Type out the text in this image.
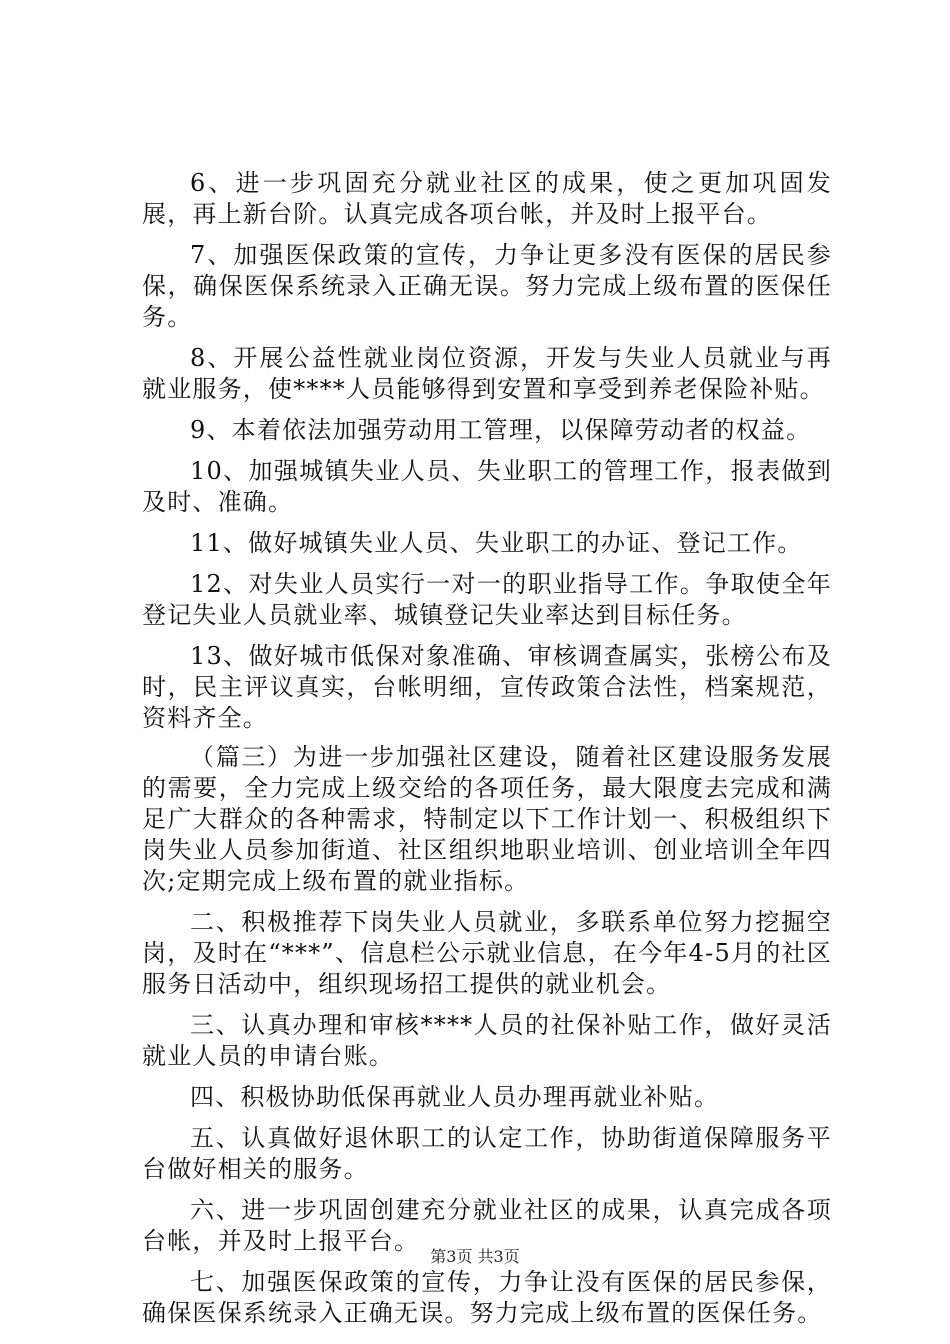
6、进一步巩固充分就业社区的成果，使之更加巩固发展，再上新台阶。认真完成各项台帐，并及时上报平台。

7、加强医保政策的宣传，力争让更多没有医保的居民参保，确保医保系统录入正确无误。努力完成上级布置的医保任务。

8、开展公益性就业岗位资源，开发与失业人员就业与再就业服务，使****人员能够得到安置和享受到养老保险补贴。

9、本着依法加强劳动用工管理，以保障劳动者的权益。

10、加强城镇失业人员、失业职工的管理工作，报表做到及时、准确。

11、做好城镇失业人员、失业职工的办证、登记工作。

12、对失业人员实行一对一的职业指导工作。争取使全年登记失业人员就业率、城镇登记失业率达到目标任务。

13、做好城市低保对象准确、审核调查属实，张榜公布及时，民主评议真实，台帐明细，宣传政策合法性，档案规范，资料齐全。

（篇三）为进一步加强社区建设，随着社区建设服务发展的需要，全力完成上级交给的各项任务，最大限度去完成和满足广大群众的各种需求，特制定以下工作计划一、积极组织下岗失业人员参加街道、社区组织地职业培训、创业培训全年四次;定期完成上级布置的就业指标。

二、积极推荐下岗失业人员就业，多联系单位努力挖掘空岗，及时在“***”、信息栏公示就业信息，在今年4-5月的社区服务日活动中，组织现场招工提供的就业机会。

三、认真办理和审核****人员的社保补贴工作，做好灵活就业人员的申请台账。

四、积极协助低保再就业人员办理再就业补贴。

五、认真做好退休职工的认定工作，协助街道保障服务平台做好相关的服务。

六、进一步巩固创建充分就业社区的成果，认真完成各项台帐，并及时上报平台。

七、加强医保政策的宣传，力争让没有医保的居民参保，确保医保系统录入正确无误。努力完成上级布置的医保任务。

第3页 共3页
